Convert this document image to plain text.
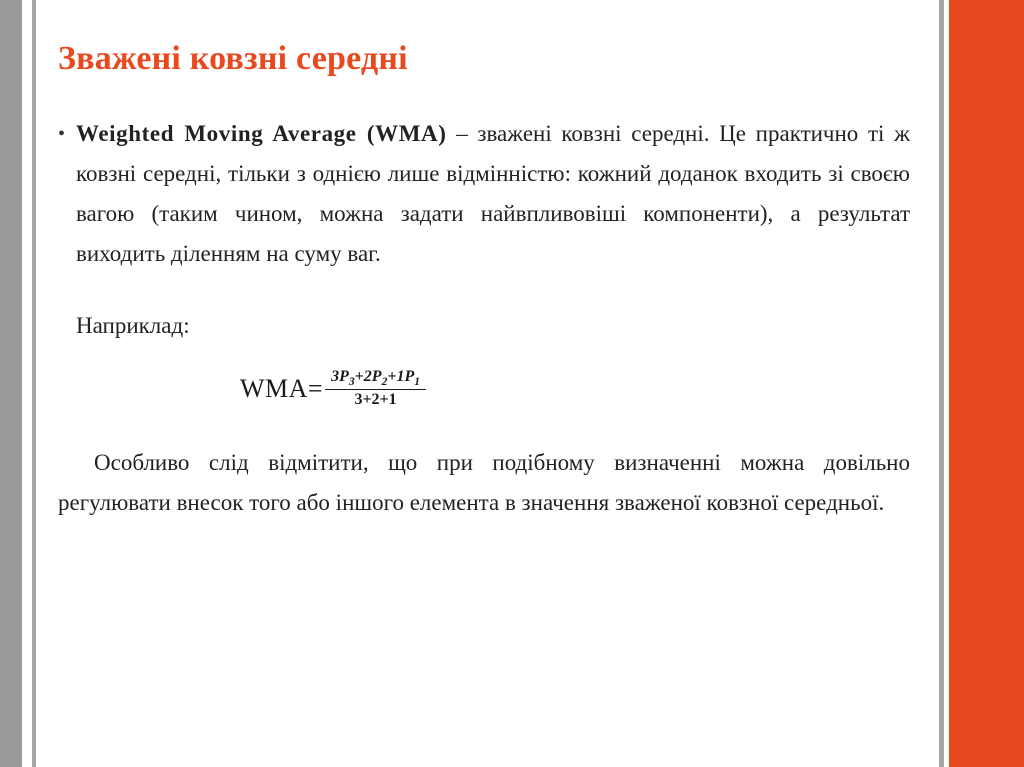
Зважені ковзні середні
• Weighted Moving Average (WMA) – зважені ковзні середні. Це практично ті ж ковзні середні, тільки з однією лише відмінністю: кожний доданок входить зі своєю вагою (таким чином, можна задати найвпливовіші компоненти), а результат виходить діленням на суму ваг.
Наприклад:
$WMA= \frac{3P_3+2P_2+1P_1}{3+2+1}$
Особливо слід відмітити, що при подібному визначенні можна довільно регулювати внесок того або іншого елемента в значення зваженої ковзної середньої.
